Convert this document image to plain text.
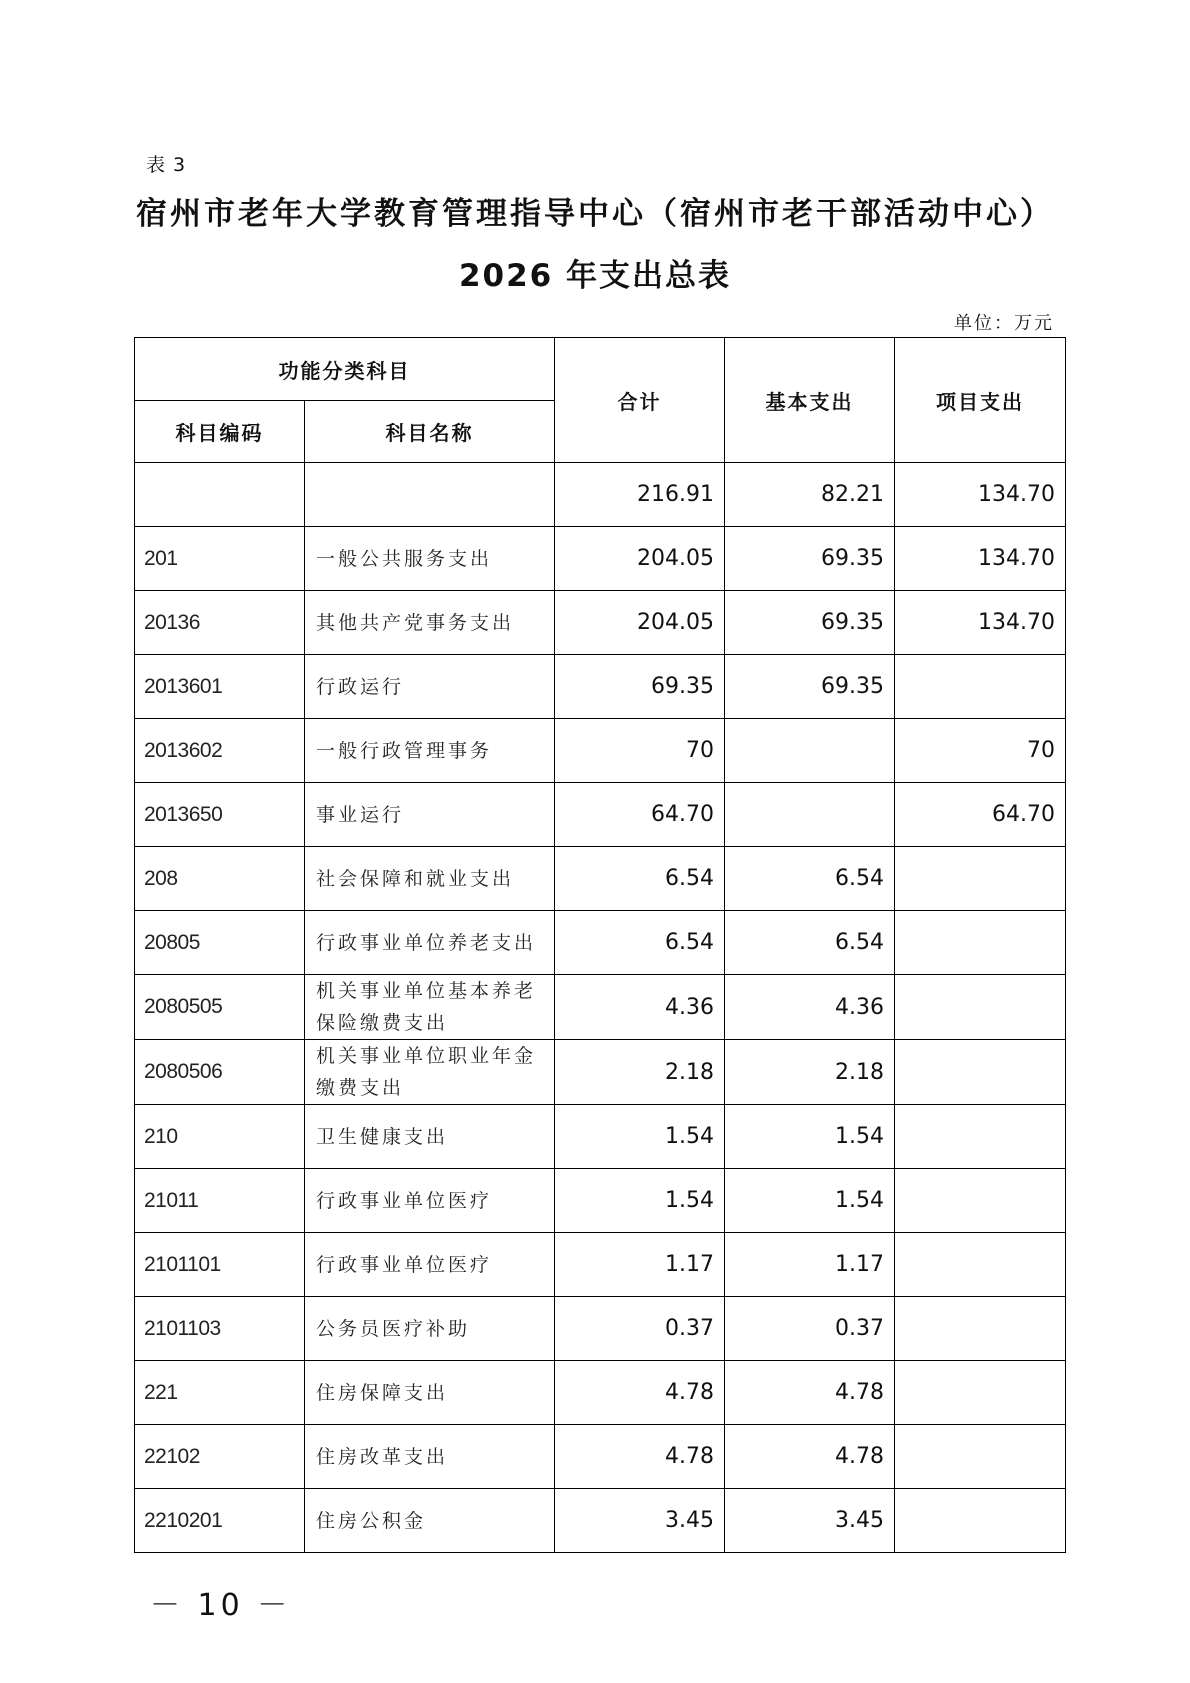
表 3
宿州市老年大学教育管理指导中心（宿州市老干部活动中心）
2026 年支出总表
单位：万元
功能分类科目		合计	基本支出	项目支出
科目编码	科目名称			
		216.91	82.21	134.70
201	一般公共服务支出	204.05	69.35	134.70
20136	其他共产党事务支出	204.05	69.35	134.70
2013601	行政运行	69.35	69.35	
2013602	一般行政管理事务	70		70
2013650	事业运行	64.70		64.70
208	社会保障和就业支出	6.54	6.54	
20805	行政事业单位养老支出	6.54	6.54	
2080505	机关事业单位基本养老保险缴费支出	4.36	4.36	
2080506	机关事业单位职业年金缴费支出	2.18	2.18	
210	卫生健康支出	1.54	1.54	
21011	行政事业单位医疗	1.54	1.54	
2101101	行政事业单位医疗	1.17	1.17	
2101103	公务员医疗补助	0.37	0.37	
221	住房保障支出	4.78	4.78	
22102	住房改革支出	4.78	4.78	
2210201	住房公积金	3.45	3.45	
－ 10 －
